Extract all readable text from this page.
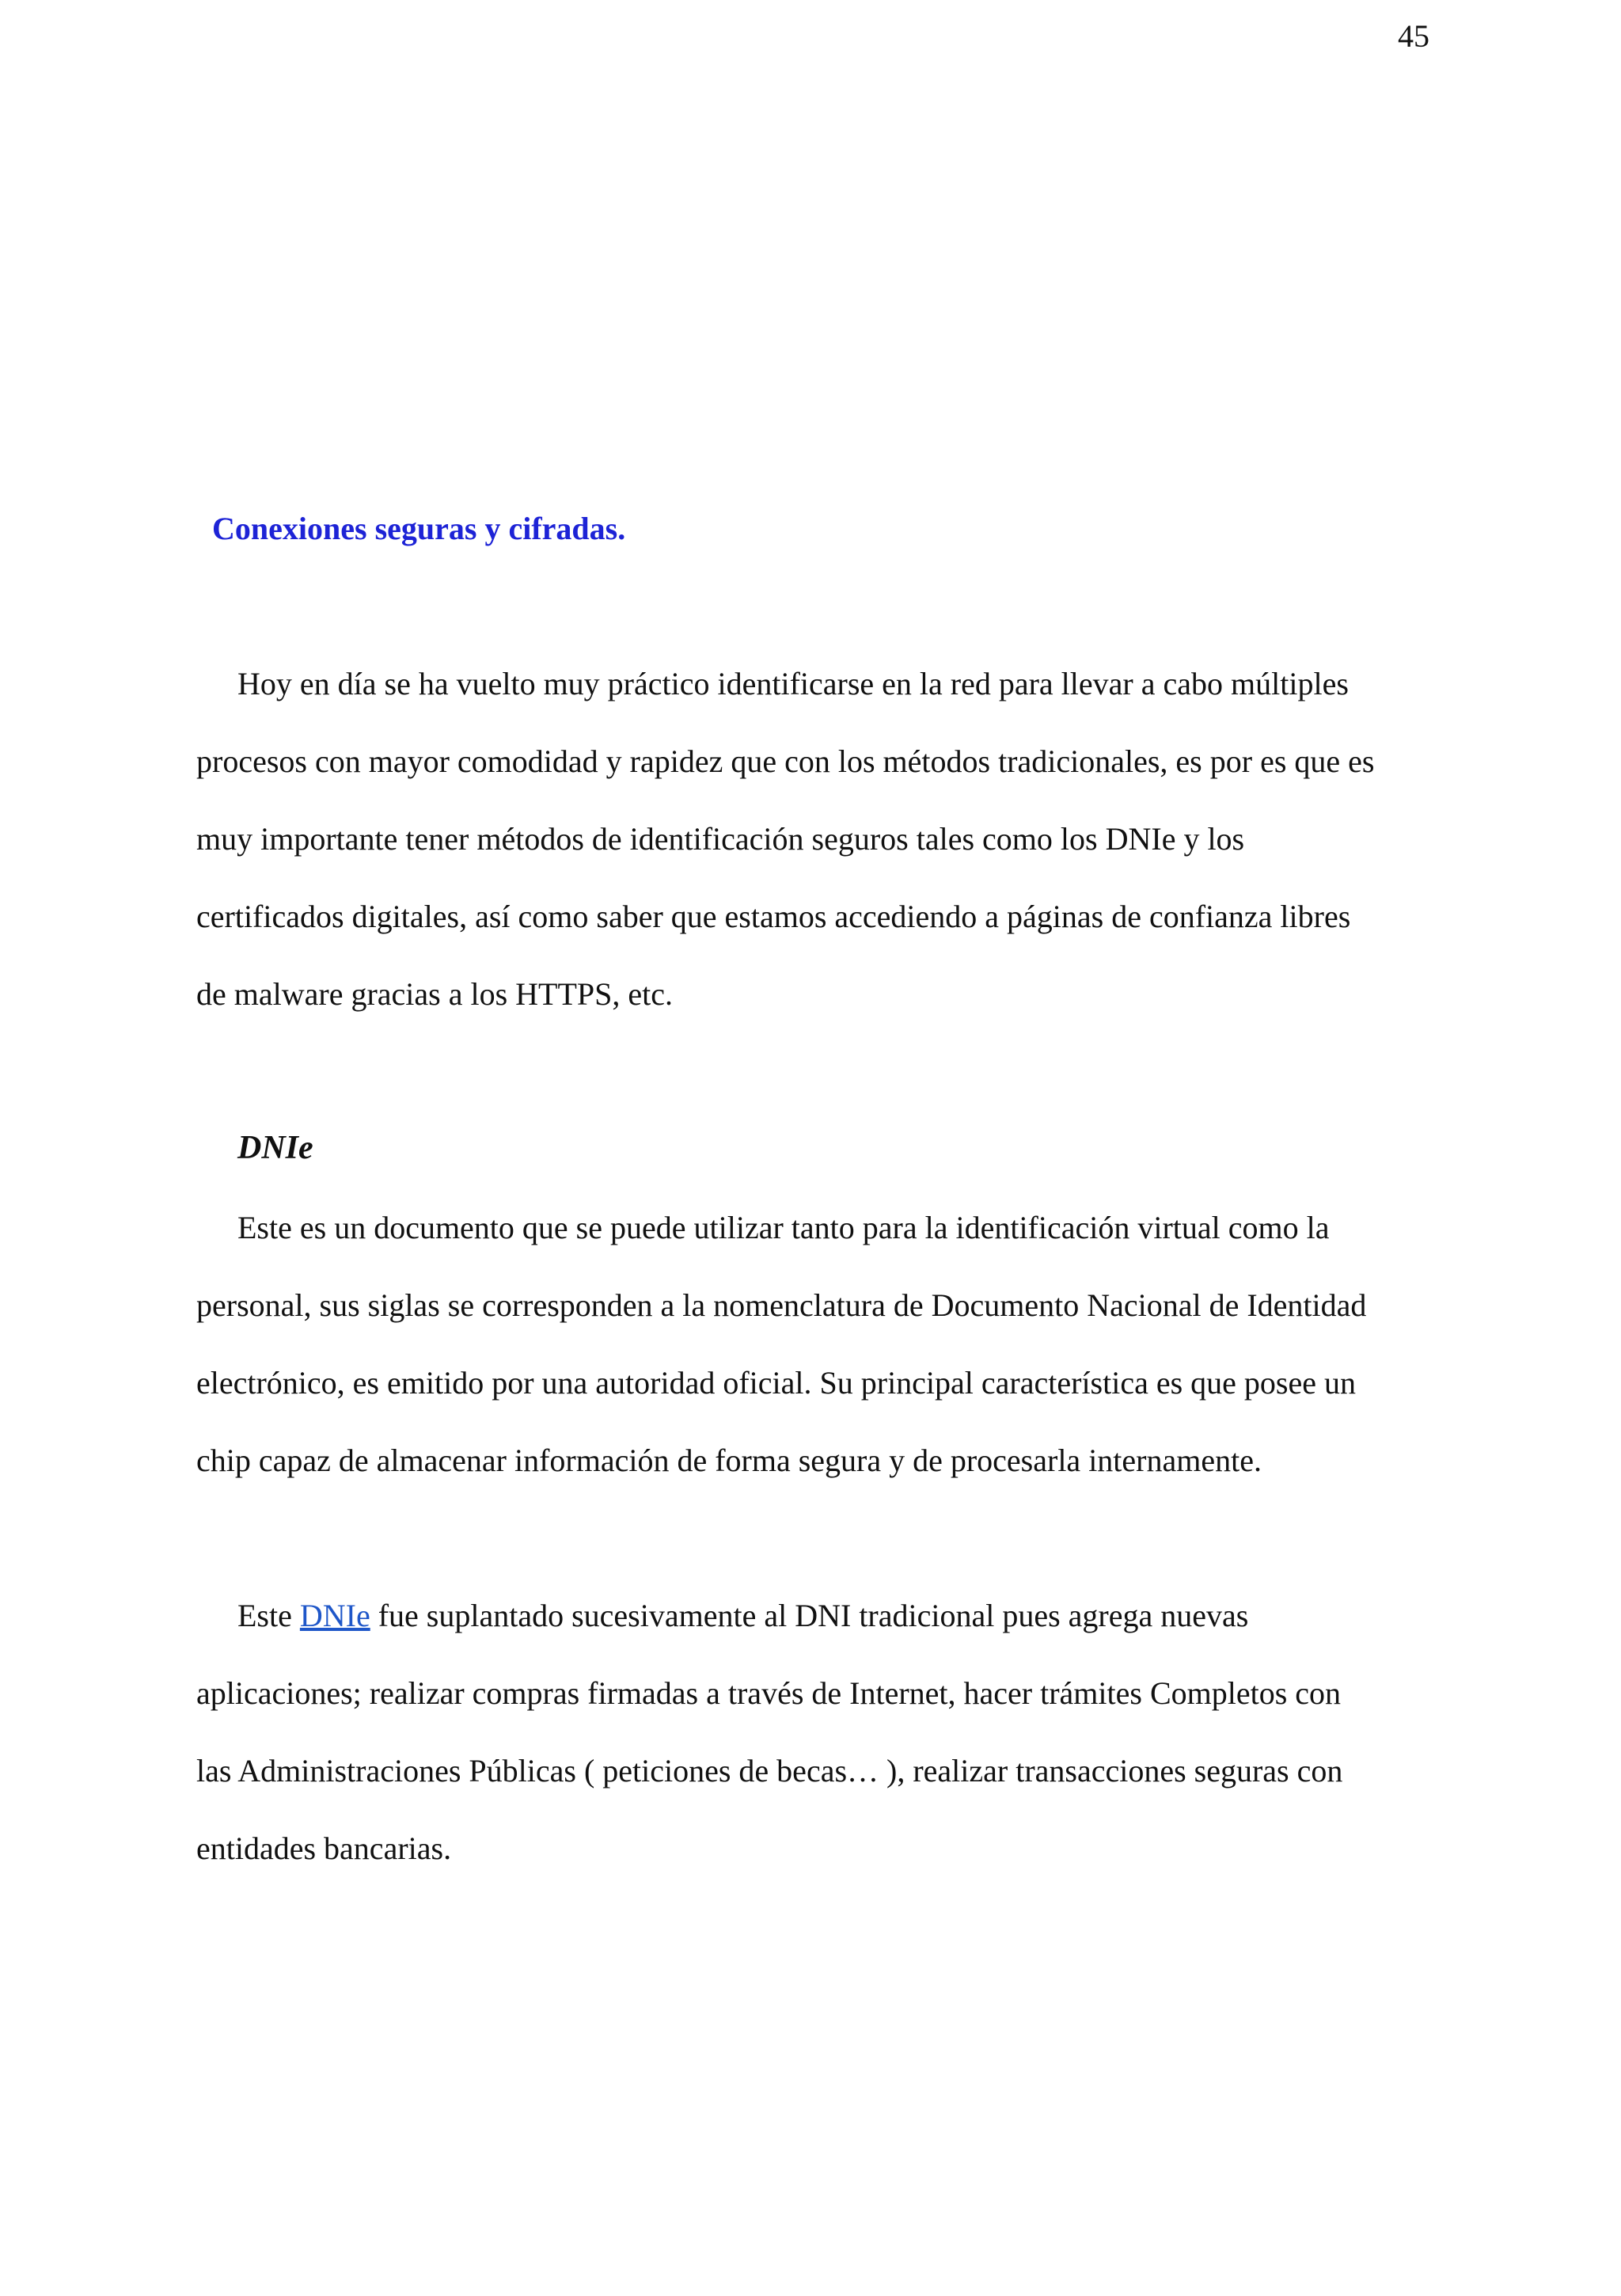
45
Conexiones seguras y cifradas.

Hoy en día se ha vuelto muy práctico identificarse en la red para llevar a cabo múltiples
procesos con mayor comodidad y rapidez que con los métodos tradicionales, es por es que es
muy importante tener métodos de identificación seguros tales como los DNIe y los
certificados digitales, así como saber que estamos accediendo a páginas de confianza libres
de malware gracias a los HTTPS, etc.

DNIe

Este es un documento que se puede utilizar tanto para la identificación virtual como la
personal, sus siglas se corresponden a la nomenclatura de Documento Nacional de Identidad
electrónico, es emitido por una autoridad oficial. Su principal característica es que posee un
chip capaz de almacenar información de forma segura y de procesarla internamente.

Este DNIe fue suplantado sucesivamente al DNI tradicional pues agrega nuevas
aplicaciones; realizar compras firmadas a través de Internet, hacer trámites Completos con
las Administraciones Públicas ( peticiones de becas… ), realizar transacciones seguras con
entidades bancarias.
